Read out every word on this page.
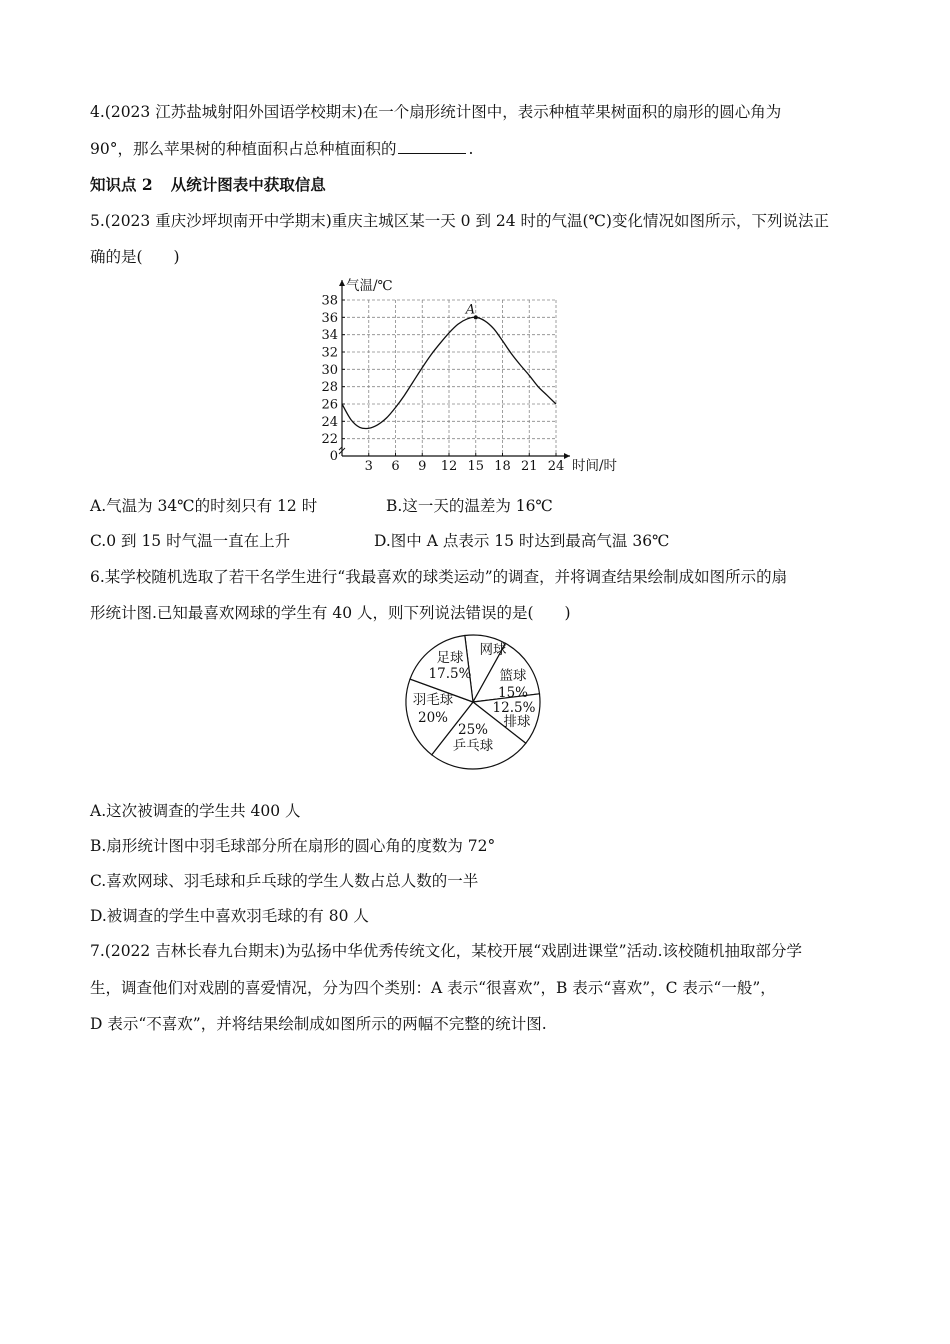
4.(2023 江苏盐城射阳外国语学校期末)在一个扇形统计图中，表示种植苹果树面积的扇形的圆心角为
90°，那么苹果树的种植面积占总种植面积的	.
知识点 2 从统计图表中获取信息
5.(2023 重庆沙坪坝南开中学期末)重庆主城区某一天 0 到 24 时的气温(℃)变化情况如图所示，下列说法正
确的是(　　)
3 6 9 12 15 18 21 24
22
24
26
28
30
32
34
36
38
0
气温/℃
时间/时
A
A.气温为 34℃的时刻只有 12 时	B.这一天的温差为 16℃
C.0 到 15 时气温一直在上升	D.图中 A 点表示 15 时达到最高气温 36℃
6.某学校随机选取了若干名学生进行“我最喜欢的球类运动”的调查，并将调查结果绘制成如图所示的扇
形统计图.已知最喜欢网球的学生有 40 人，则下列说法错误的是(　　)
网球
篮球
15%
排球
12.5%
乒乓球
25%
羽毛球
20%
足球
17.5%
A.这次被调查的学生共 400 人
B.扇形统计图中羽毛球部分所在扇形的圆心角的度数为 72°
C.喜欢网球、羽毛球和乒乓球的学生人数占总人数的一半
D.被调查的学生中喜欢羽毛球的有 80 人
7.(2022 吉林长春九台期末)为弘扬中华优秀传统文化，某校开展“戏剧进课堂”活动.该校随机抽取部分学
生，调查他们对戏剧的喜爱情况，分为四个类别：A 表示“很喜欢”，B 表示“喜欢”，C 表示“一般”，
D 表示“不喜欢”，并将结果绘制成如图所示的两幅不完整的统计图.
